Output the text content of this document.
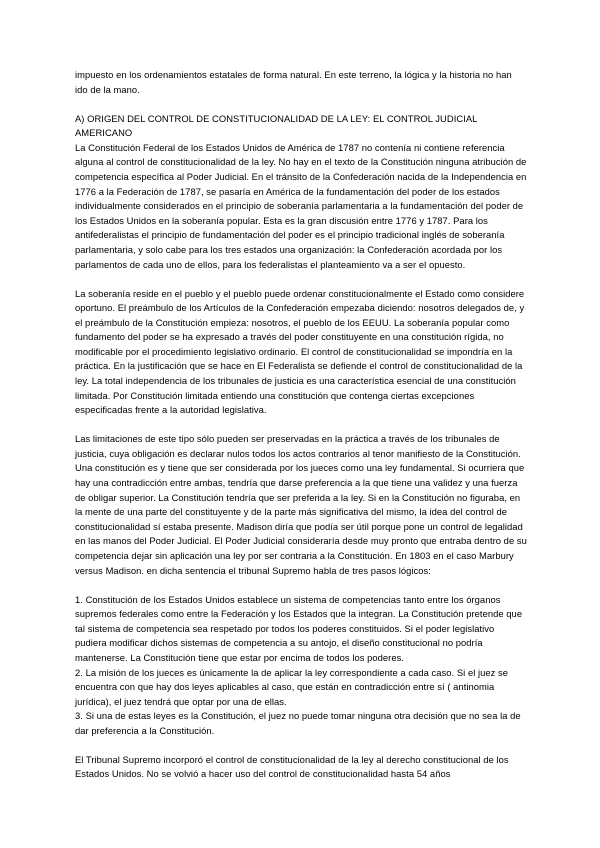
impuesto en los ordenamientos estatales de forma natural. En este terreno, la lógica y la historia no han ido de la mano.

A) ORIGEN DEL CONTROL DE CONSTITUCIONALIDAD DE LA LEY: EL CONTROL JUDICIAL AMERICANO

La Constitución Federal de los Estados Unidos de América de 1787 no contenía ni contiene referencia alguna al control de constitucionalidad de la ley. No hay en el texto de la Constitución ninguna atribución de competencia específica al Poder Judicial. En el tránsito de la Confederación nacida de la Independencia en 1776 a la Federación de 1787, se pasaría en América de la fundamentación del poder de los estados individualmente considerados en el principio de soberanía parlamentaria a la fundamentación del poder de los Estados Unidos en la soberanía popular. Esta es la gran discusión entre 1776 y 1787. Para los antifederalistas el principio de fundamentación del poder es el principio tradicional inglés de soberanía parlamentaria, y solo cabe para los tres estados una organización: la Confederación acordada por los parlamentos de cada uno de ellos, para los federalistas el planteamiento va a ser el opuesto.

La soberanía reside en el pueblo y el pueblo puede ordenar constitucionalmente el Estado como considere oportuno. El preámbulo de los Artículos de la Confederación empezaba diciendo: nosotros delegados de, y el preámbulo de la Constitución empieza: nosotros, el pueblo de los EEUU. La soberanía popular como fundamento del poder se ha expresado a través del poder constituyente en una constitución rígida, no modificable por el procedimiento legislativo ordinario. El control de constitucionalidad se impondría en la práctica. En la justificación que se hace en El Federalista se defiende el control de constitucionalidad de la ley. La total independencia de los tribunales de justicia es una característica esencial de una constitución limitada. Por Constitución limitada entiendo una constitución que contenga ciertas excepciones especificadas frente a la autoridad legislativa.

Las limitaciones de este tipo sólo pueden ser preservadas en la práctica a través de los tribunales de justicia, cuya obligación es declarar nulos todos los actos contrarios al tenor manifiesto de la Constitución. Una constitución es y tiene que ser considerada por los jueces como una ley fundamental. Si ocurriera que hay una contradicción entre ambas, tendría que darse preferencia a la que tiene una validez y una fuerza de obligar superior. La Constitución tendría que ser preferida a la ley. Si en la Constitución no figuraba, en la mente de una parte del constituyente y de la parte más significativa del mismo, la idea del control de constitucionalidad sí estaba presente. Madison diría que podía ser útil porque pone un control de legalidad en las manos del Poder Judicial. El Poder Judicial consideraría desde muy pronto que entraba dentro de su competencia dejar sin aplicación una ley por ser contraria a la Constitución. En 1803 en el caso Marbury versus Madison. en dicha sentencia el tribunal Supremo habla de tres pasos lógicos:

1. Constitución de los Estados Unidos establece un sistema de competencias tanto entre los órganos supremos federales como entre la Federación y los Estados que la integran. La Constitución pretende que tal sistema de competencia sea respetado por todos los poderes constituidos. Si el poder legislativo pudiera modificar dichos sistemas de competencia a su antojo, el diseño constitucional no podría mantenerse. La Constitución tiene que estar por encima de todos los poderes.
2. La misión de los jueces es únicamente la de aplicar la ley correspondiente a cada caso. Si el juez se encuentra con que hay dos leyes aplicables al caso, que están en contradicción entre sí ( antinomia jurídica), el juez tendrá que optar por una de ellas.
3. Si una de estas leyes es la Constitución, el juez no puede tomar ninguna otra decisión que no sea la de dar preferencia a la Constitución.

El Tribunal Supremo incorporó el control de constitucionalidad de la ley al derecho constitucional de los Estados Unidos. No se volvió a hacer uso del control de constitucionalidad hasta 54 años
